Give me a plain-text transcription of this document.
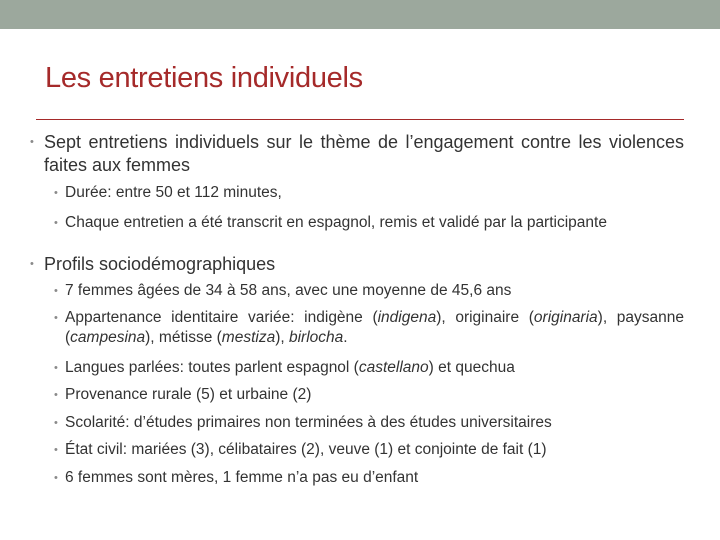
Les entretiens individuels
• Sept entretiens individuels sur le thème de l’engagement contre les violences faites aux femmes
• Durée: entre 50 et 112 minutes,
• Chaque entretien a été transcrit en espagnol, remis et validé par la participante
• Profils sociodémographiques
• 7 femmes âgées de 34 à 58 ans, avec une moyenne de 45,6 ans
• Appartenance identitaire variée: indigène (indigena), originaire (originaria), paysanne (campesina), métisse (mestiza), birlocha.
• Langues parlées: toutes parlent espagnol (castellano) et quechua
• Provenance rurale (5) et urbaine (2)
• Scolarité: d’études primaires non terminées à des études universitaires
• État civil: mariées (3), célibataires (2), veuve (1) et conjointe de fait (1)
• 6 femmes sont mères, 1 femme n’a pas eu d’enfant
